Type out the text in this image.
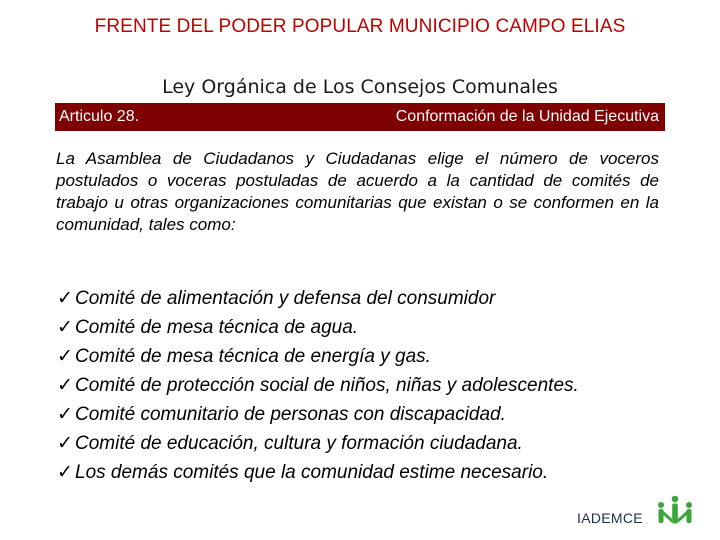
FRENTE DEL PODER POPULAR MUNICIPIO CAMPO ELIAS
Ley Orgánica de Los Consejos Comunales
Articulo 28.	Conformación de la Unidad Ejecutiva
La Asamblea de Ciudadanos y Ciudadanas elige el número de voceros postulados o voceras postuladas de acuerdo a la cantidad de comités de trabajo u otras organizaciones comunitarias que existan o se conformen en la comunidad, tales como:
✓ Comité de alimentación y defensa del consumidor
✓ Comité de mesa técnica de agua.
✓ Comité de mesa técnica de energía y gas.
✓ Comité de protección social de niños, niñas y adolescentes.
✓ Comité comunitario de personas con discapacidad.
✓ Comité de educación, cultura y formación ciudadana.
✓ Los demás comités que la comunidad estime necesario.
IADEMCE
